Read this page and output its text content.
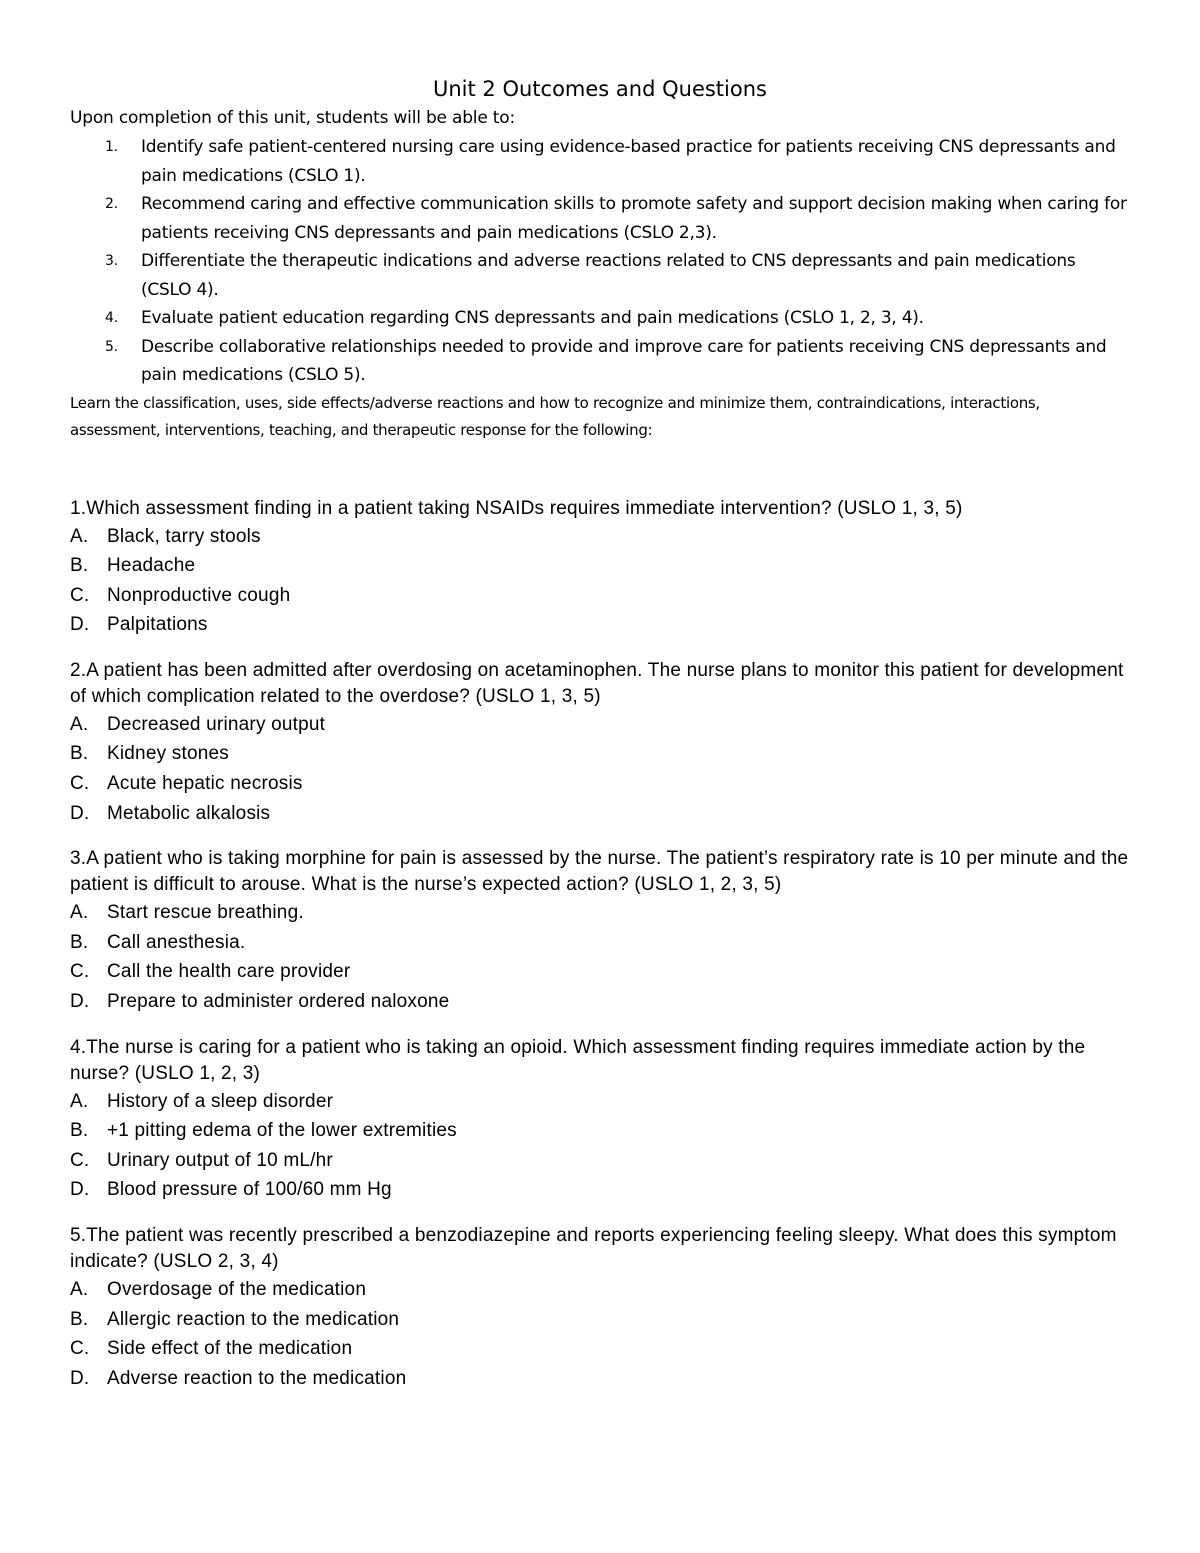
Unit 2 Outcomes and Questions

Upon completion of this unit, students will be able to:

1. Identify safe patient-centered nursing care using evidence-based practice for patients receiving CNS depressants and pain medications (CSLO 1).
2. Recommend caring and effective communication skills to promote safety and support decision making when caring for patients receiving CNS depressants and pain medications (CSLO 2,3).
3. Differentiate the therapeutic indications and adverse reactions related to CNS depressants and pain medications (CSLO 4).
4. Evaluate patient education regarding CNS depressants and pain medications (CSLO 1, 2, 3, 4).
5. Describe collaborative relationships needed to provide and improve care for patients receiving CNS depressants and pain medications (CSLO 5).

Learn the classification, uses, side effects/adverse reactions and how to recognize and minimize them, contraindications, interactions, assessment, interventions, teaching, and therapeutic response for the following:

1.Which assessment finding in a patient taking NSAIDs requires immediate intervention? (USLO 1, 3, 5)

A. Black, tarry stools
B. Headache
C. Nonproductive cough
D. Palpitations

2.A patient has been admitted after overdosing on acetaminophen. The nurse plans to monitor this patient for development of which complication related to the overdose? (USLO 1, 3, 5)

A. Decreased urinary output
B. Kidney stones
C. Acute hepatic necrosis
D. Metabolic alkalosis

3.A patient who is taking morphine for pain is assessed by the nurse. The patient’s respiratory rate is 10 per minute and the patient is difficult to arouse. What is the nurse’s expected action? (USLO 1, 2, 3, 5)

A. Start rescue breathing.
B. Call anesthesia.
C. Call the health care provider
D. Prepare to administer ordered naloxone

4.The nurse is caring for a patient who is taking an opioid. Which assessment finding requires immediate action by the nurse? (USLO 1, 2, 3)

A. History of a sleep disorder
B. +1 pitting edema of the lower extremities
C. Urinary output of 10 mL/hr
D. Blood pressure of 100/60 mm Hg

5.The patient was recently prescribed a benzodiazepine and reports experiencing feeling sleepy. What does this symptom indicate? (USLO 2, 3, 4)

A. Overdosage of the medication
B. Allergic reaction to the medication
C. Side effect of the medication
D. Adverse reaction to the medication
